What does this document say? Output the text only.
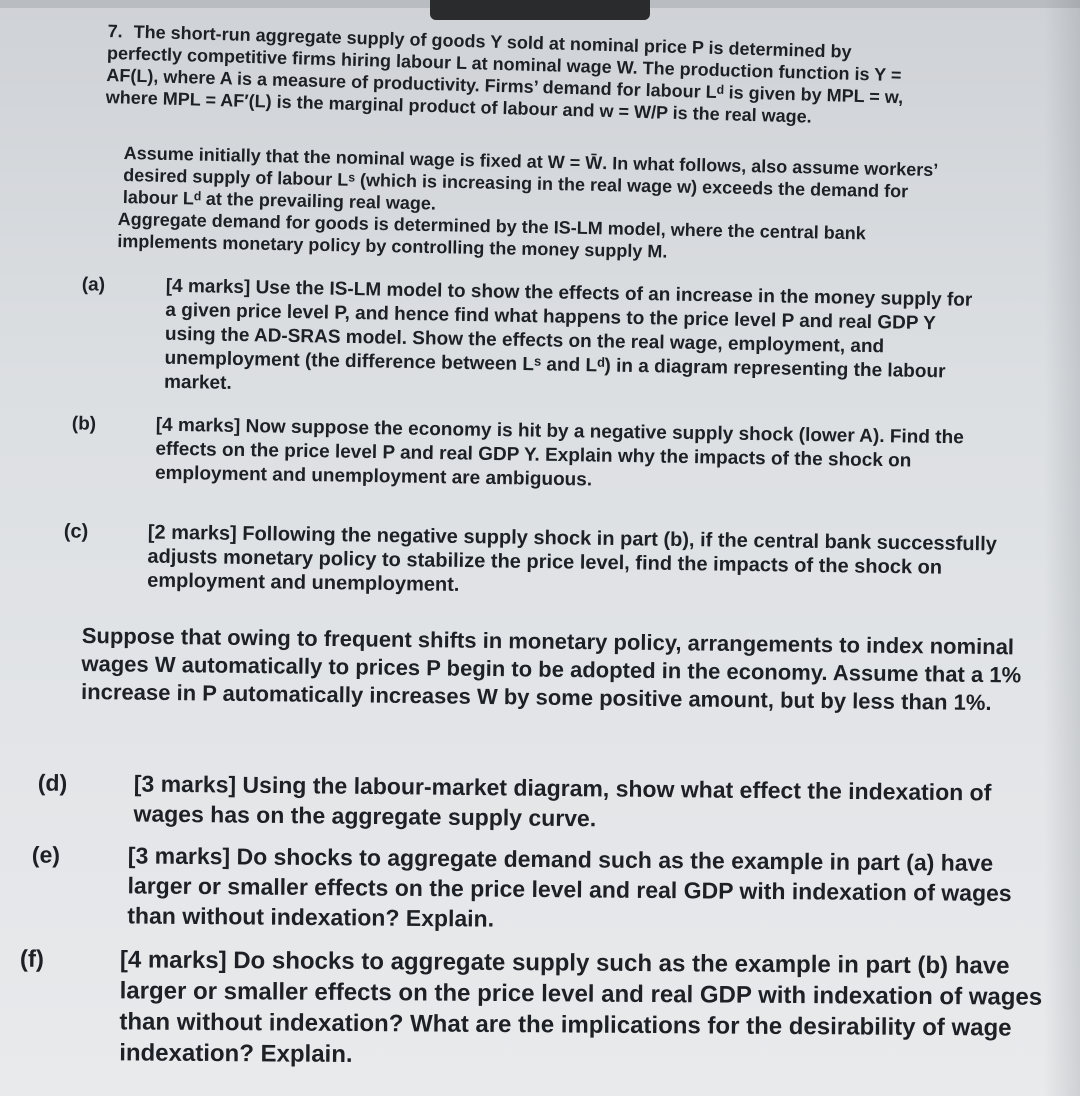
7. The short-run aggregate supply of goods Y sold at nominal price P is determined by perfectly competitive firms hiring labour L at nominal wage W. The production function is Y = AF(L), where A is a measure of productivity. Firms’ demand for labour Lᵈ is given by MPL = w, where MPL = AF′(L) is the marginal product of labour and w = W/P is the real wage.

Assume initially that the nominal wage is fixed at W = W̄. In what follows, also assume workers’ desired supply of labour Lˢ (which is increasing in the real wage w) exceeds the demand for labour Lᵈ at the prevailing real wage.

Aggregate demand for goods is determined by the IS-LM model, where the central bank implements monetary policy by controlling the money supply M.

(a)	[4 marks] Use the IS-LM model to show the effects of an increase in the money supply for a given price level P, and hence find what happens to the price level P and real GDP Y using the AD-SRAS model. Show the effects on the real wage, employment, and unemployment (the difference between Lˢ and Lᵈ) in a diagram representing the labour market.
(b)	[4 marks] Now suppose the economy is hit by a negative supply shock (lower A). Find the effects on the price level P and real GDP Y. Explain why the impacts of the shock on employment and unemployment are ambiguous.
(c)	[2 marks] Following the negative supply shock in part (b), if the central bank successfully adjusts monetary policy to stabilize the price level, find the impacts of the shock on employment and unemployment.

Suppose that owing to frequent shifts in monetary policy, arrangements to index nominal wages W automatically to prices P begin to be adopted in the economy. Assume that a 1% increase in P automatically increases W by some positive amount, but by less than 1%.

(d)	[3 marks] Using the labour-market diagram, show what effect the indexation of wages has on the aggregate supply curve.
(e)	[3 marks] Do shocks to aggregate demand such as the example in part (a) have larger or smaller effects on the price level and real GDP with indexation of wages than without indexation? Explain.
(f)	[4 marks] Do shocks to aggregate supply such as the example in part (b) have larger or smaller effects on the price level and real GDP with indexation of wages than without indexation? What are the implications for the desirability of wage indexation? Explain.
